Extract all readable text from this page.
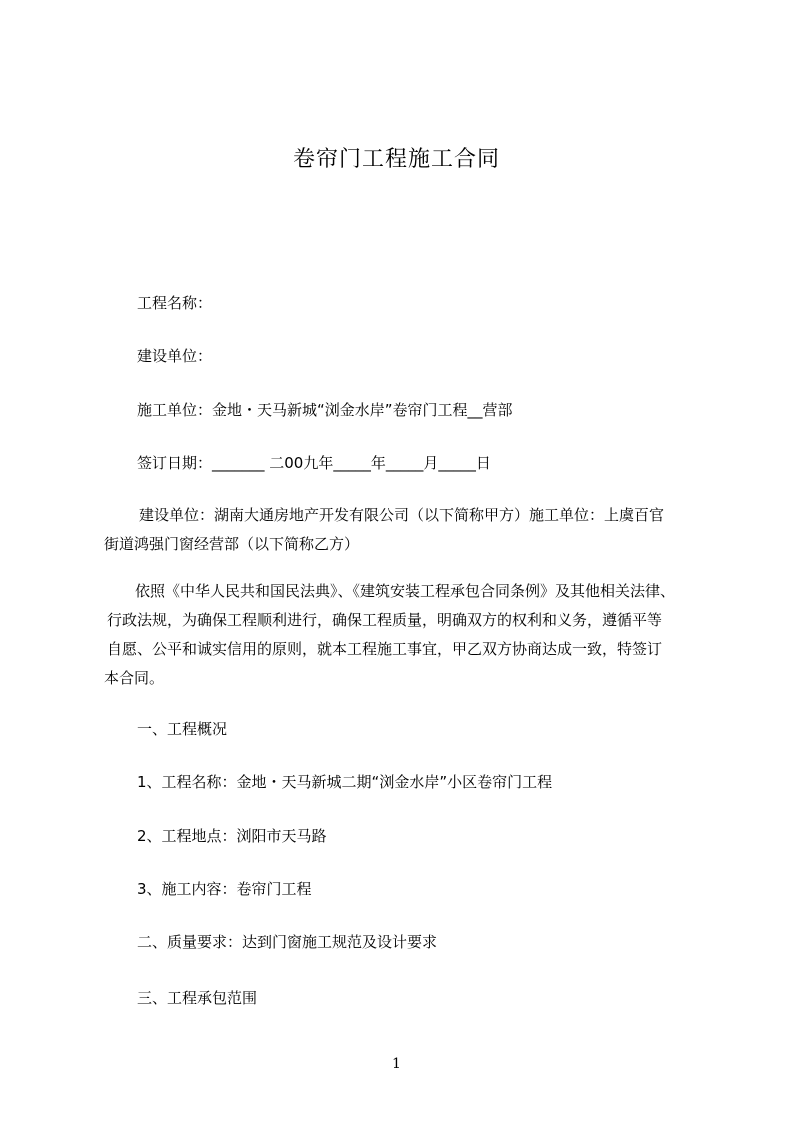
卷帘门工程施工合同
工程名称：
建设单位：
施工单位：金地・天马新城“浏金水岸”卷帘门工程__营部
签订日期：_______ 二00九年_____年_____月_____日
建设单位：湖南大通房地产开发有限公司（以下简称甲方）施工单位：上虞百官
街道鸿强门窗经营部（以下简称乙方）
依照《中华人民共和国民法典》、《建筑安装工程承包合同条例》及其他相关法律、
行政法规，为确保工程顺利进行，确保工程质量，明确双方的权利和义务，遵循平等
自愿、公平和诚实信用的原则，就本工程施工事宜，甲乙双方协商达成一致，特签订
本合同。
一、工程概况
1、工程名称：金地・天马新城二期“浏金水岸”小区卷帘门工程
2、工程地点：浏阳市天马路
3、施工内容：卷帘门工程
二、质量要求：达到门窗施工规范及设计要求
三、工程承包范围
1
